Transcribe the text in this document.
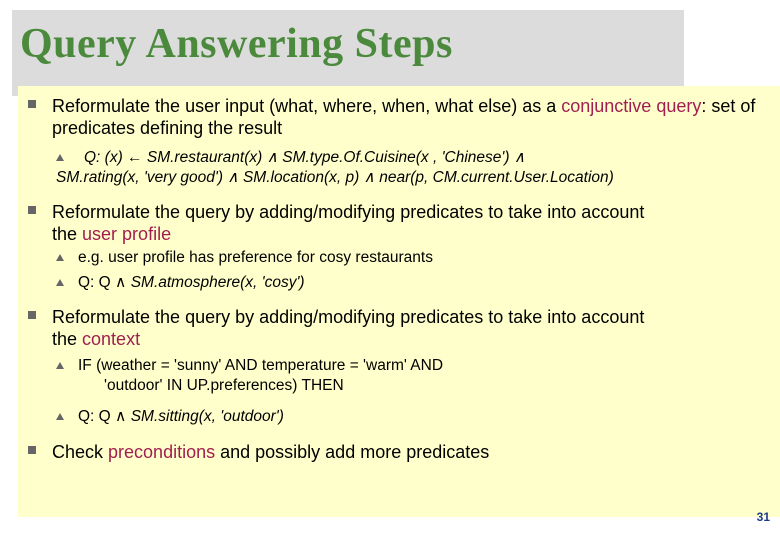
Query Answering Steps
Reformulate the user input (what, where, when, what else) as a conjunctive query: set of predicates defining the result
Q: (x) ← SM.restaurant(x) ∧ SM.type.Of.Cuisine(x , 'Chinese') ∧
SM.rating(x, 'very good') ∧ SM.location(x, p) ∧ near(p, CM.current.User.Location)
Reformulate the query by adding/modifying predicates to take into account
the user profile
e.g. user profile has preference for cosy restaurants
Q: Q ∧ SM.atmosphere(x, 'cosy')
Reformulate the query by adding/modifying predicates to take into account
the context
IF (weather = 'sunny' AND temperature = 'warm' AND
'outdoor' IN UP.preferences) THEN
Q: Q ∧ SM.sitting(x, 'outdoor')
Check preconditions and possibly add more predicates
31
